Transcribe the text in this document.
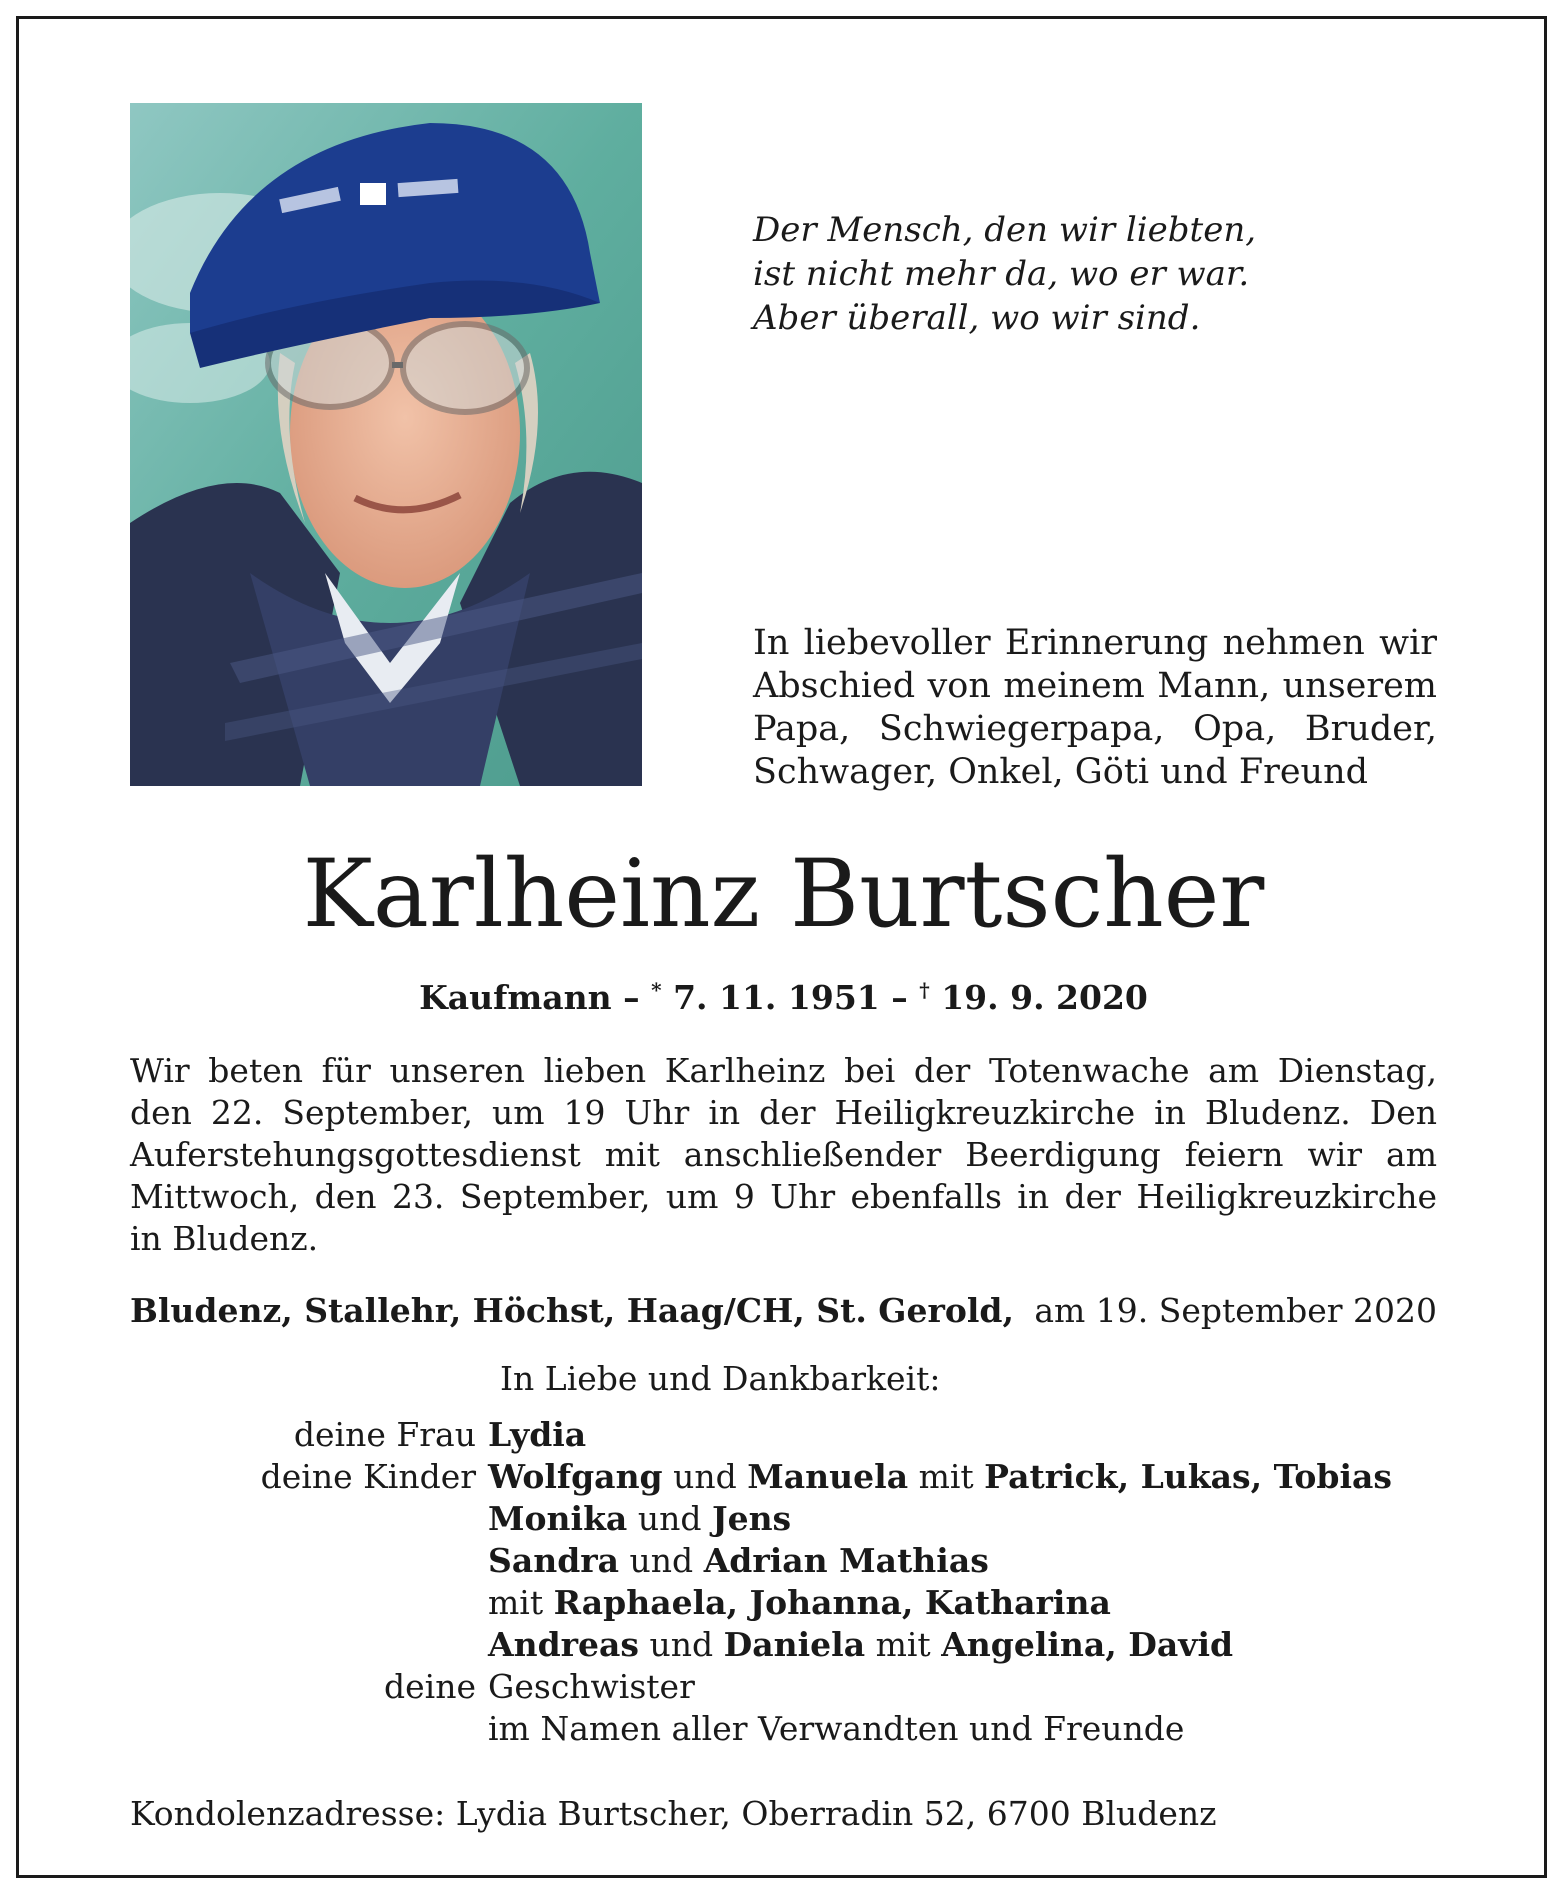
Der Mensch, den wir liebten,
ist nicht mehr da, wo er war.
Aber überall, wo wir sind.
In liebevoller Erinnerung nehmen wir
Abschied von meinem Mann, unserem
Papa, Schwiegerpapa, Opa, Bruder,
Schwager, Onkel, Göti und Freund
Karlheinz Burtscher
Kaufmann – * 7. 11. 1951 – † 19. 9. 2020
Wir beten für unseren lieben Karlheinz bei der Totenwache am Dienstag,
den 22. September, um 19 Uhr in der Heiligkreuzkirche in Bludenz. Den
Auferstehungsgottesdienst mit anschließender Beerdigung feiern wir am
Mittwoch, den 23. September, um 9 Uhr ebenfalls in der Heiligkreuzkirche
in Bludenz.
Bludenz, Stallehr, Höchst, Haag/CH, St. Gerold, am 19. September 2020
In Liebe und Dankbarkeit:
deine Frau Lydia
deine Kinder Wolfgang und Manuela mit Patrick, Lukas, Tobias
Monika und Jens
Sandra und Adrian Mathias
mit Raphaela, Johanna, Katharina
Andreas und Daniela mit Angelina, David
deine Geschwister
im Namen aller Verwandten und Freunde
Kondolenzadresse: Lydia Burtscher, Oberradin 52, 6700 Bludenz
